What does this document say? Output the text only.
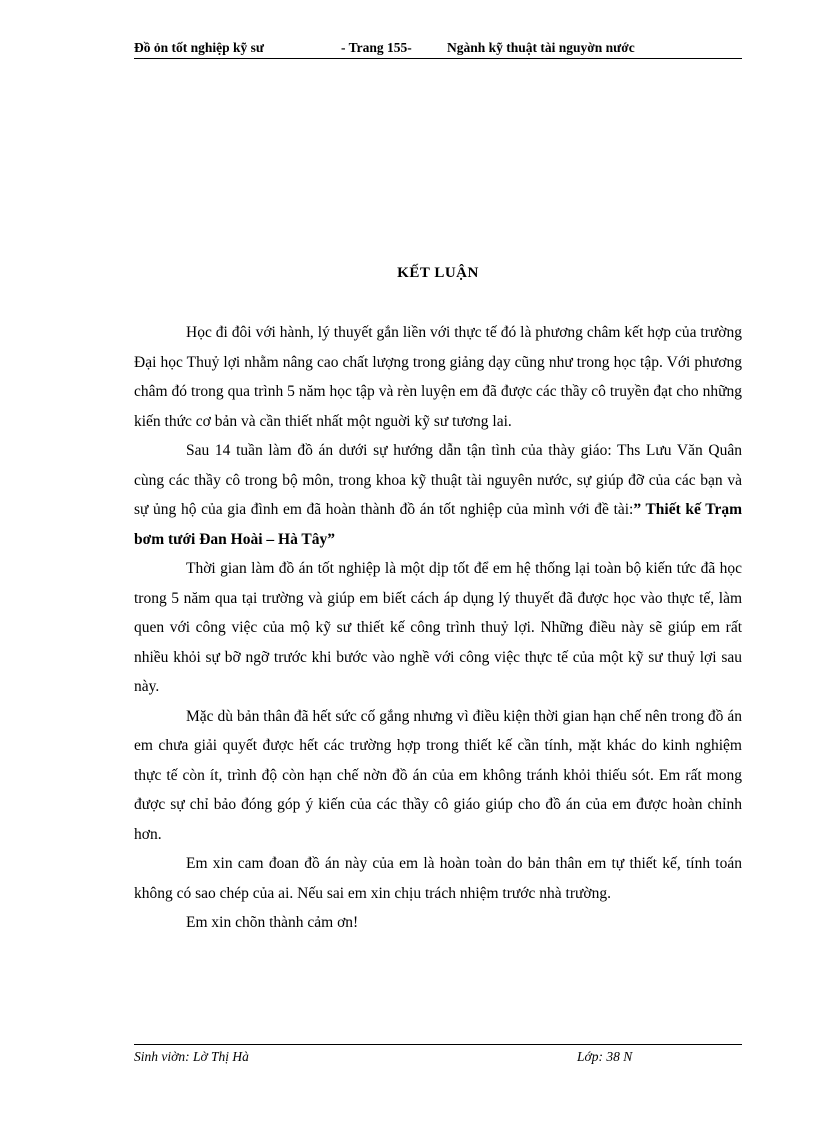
Đồ ỏn tốt nghiệp kỹ sư	- Trang 155-	Ngành kỹ thuật tài nguyờn nước
KẾT LUẬN

Học đi đôi với hành, lý thuyết gắn liền với thực tế đó là phương châm kết hợp của trường Đại học Thuỷ lợi nhằm nâng cao chất lượng trong giảng dạy cũng như trong học tập. Với phương châm đó trong qua trình 5 năm học tập và rèn luyện em đã được các thầy cô truyền đạt cho những kiến thức cơ bản và cần thiết nhất một nguời kỹ sư tương lai.

Sau 14 tuần làm đồ án dưới sự hướng dẫn tận tình của thày giáo: Ths Lưu Văn Quân cùng các thầy cô trong bộ môn, trong khoa kỹ thuật tài nguyên nước, sự giúp đỡ của các bạn và sự ủng hộ của gia đình em đã hoàn thành đồ án tốt nghiệp của mình với đề tài:” Thiết kế Trạm bơm tưới Đan Hoài – Hà Tây”

Thời gian làm đồ án tốt nghiệp là một dịp tốt để em hệ thống lại toàn bộ kiến tức đã học trong 5 năm qua tại trường và giúp em biết cách áp dụng lý thuyết đã được học vào thực tế, làm quen với công việc của mộ kỹ sư thiết kế công trình thuỷ lợi. Những điều này sẽ giúp em rất nhiều khỏi sự bỡ ngỡ trước khi bước vào nghề với công việc thực tế của một kỹ sư thuỷ lợi sau này.

Mặc dù bản thân đã hết sức cố gắng nhưng vì điều kiện thời gian hạn chế nên trong đồ án em chưa giải quyết được hết các trường hợp trong thiết kế cần tính, mặt khác do kinh nghiệm thực tế còn ít, trình độ còn hạn chế nờn đồ án của em không tránh khỏi thiếu sót. Em rất mong được sự chỉ bảo đóng góp ý kiến của các thầy cô giáo giúp cho đồ án của em được hoàn chỉnh hơn.

Em xin cam đoan đồ án này của em là hoàn toàn do bản thân em tự thiết kế, tính toán không có sao chép của ai. Nếu sai em xin chịu trách nhiệm trước nhà trường.

Em xin chõn thành cảm ơn!

Sinh viờn: Lờ Thị Hà	Lớp: 38 N
